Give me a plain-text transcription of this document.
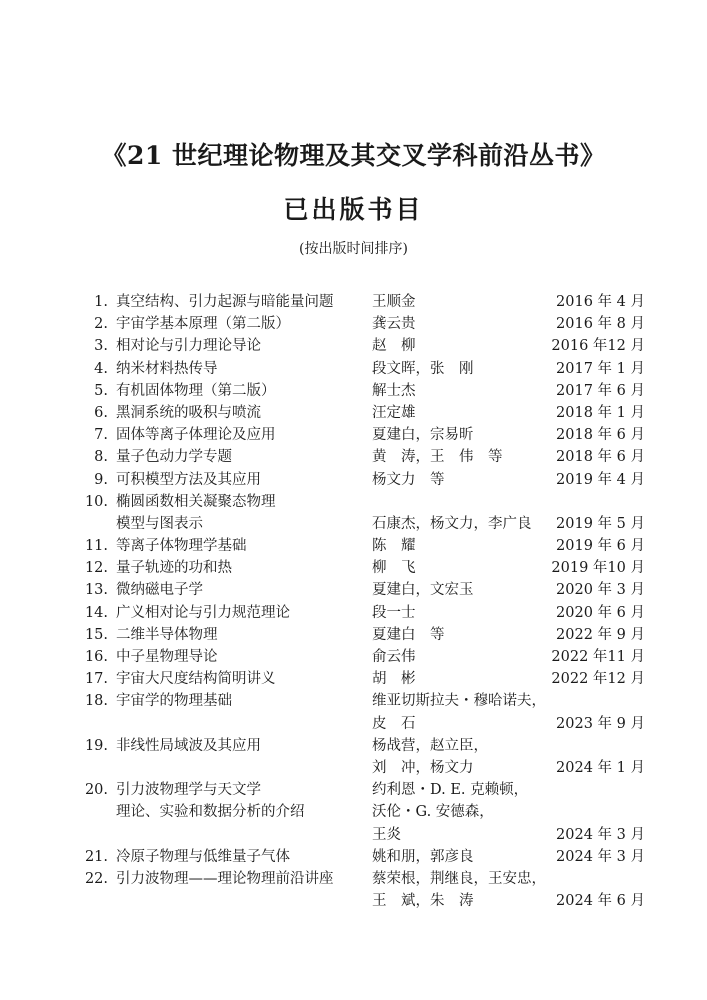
《21 世纪理论物理及其交叉学科前沿丛书》
已出版书目
(按出版时间排序)
1. 真空结构、引力起源与暗能量问题	王顺金	2016 年 4 月
2. 宇宙学基本原理（第二版）	龚云贵	2016 年 8 月
3. 相对论与引力理论导论	赵　柳	2016 年12 月
4. 纳米材料热传导	段文晖，张　刚	2017 年 1 月
5. 有机固体物理（第二版）	解士杰	2017 年 6 月
6. 黑洞系统的吸积与喷流	汪定雄	2018 年 1 月
7. 固体等离子体理论及应用	夏建白，宗易昕	2018 年 6 月
8. 量子色动力学专题	黄　涛，王　伟　等	2018 年 6 月
9. 可积模型方法及其应用	杨文力　等	2019 年 4 月
10. 椭圆函数相关凝聚态物理
模型与图表示	石康杰，杨文力，李广良 2019 年 5 月
11. 等离子体物理学基础	陈　耀	2019 年 6 月
12. 量子轨迹的功和热	柳　飞	2019 年10 月
13. 微纳磁电子学	夏建白，文宏玉	2020 年 3 月
14. 广义相对论与引力规范理论	段一士	2020 年 6 月
15. 二维半导体物理	夏建白　等	2022 年 9 月
16. 中子星物理导论	俞云伟	2022 年11 月
17. 宇宙大尺度结构简明讲义	胡　彬	2022 年12 月
18. 宇宙学的物理基础	维亚切斯拉夫・穆哈诺夫，
皮　石	2023 年 9 月
19. 非线性局域波及其应用	杨战营，赵立臣，
刘　冲，杨文力	2024 年 1 月
20. 引力波物理学与天文学	约利恩・D. E. 克赖顿，
理论、实验和数据分析的介绍	沃伦・G. 安德森，
王炎	2024 年 3 月
21. 冷原子物理与低维量子气体	姚和朋，郭彦良	2024 年 3 月
22. 引力波物理——理论物理前沿讲座	蔡荣根，荆继良，王安忠，
王　斌，朱　涛	2024 年 6 月
